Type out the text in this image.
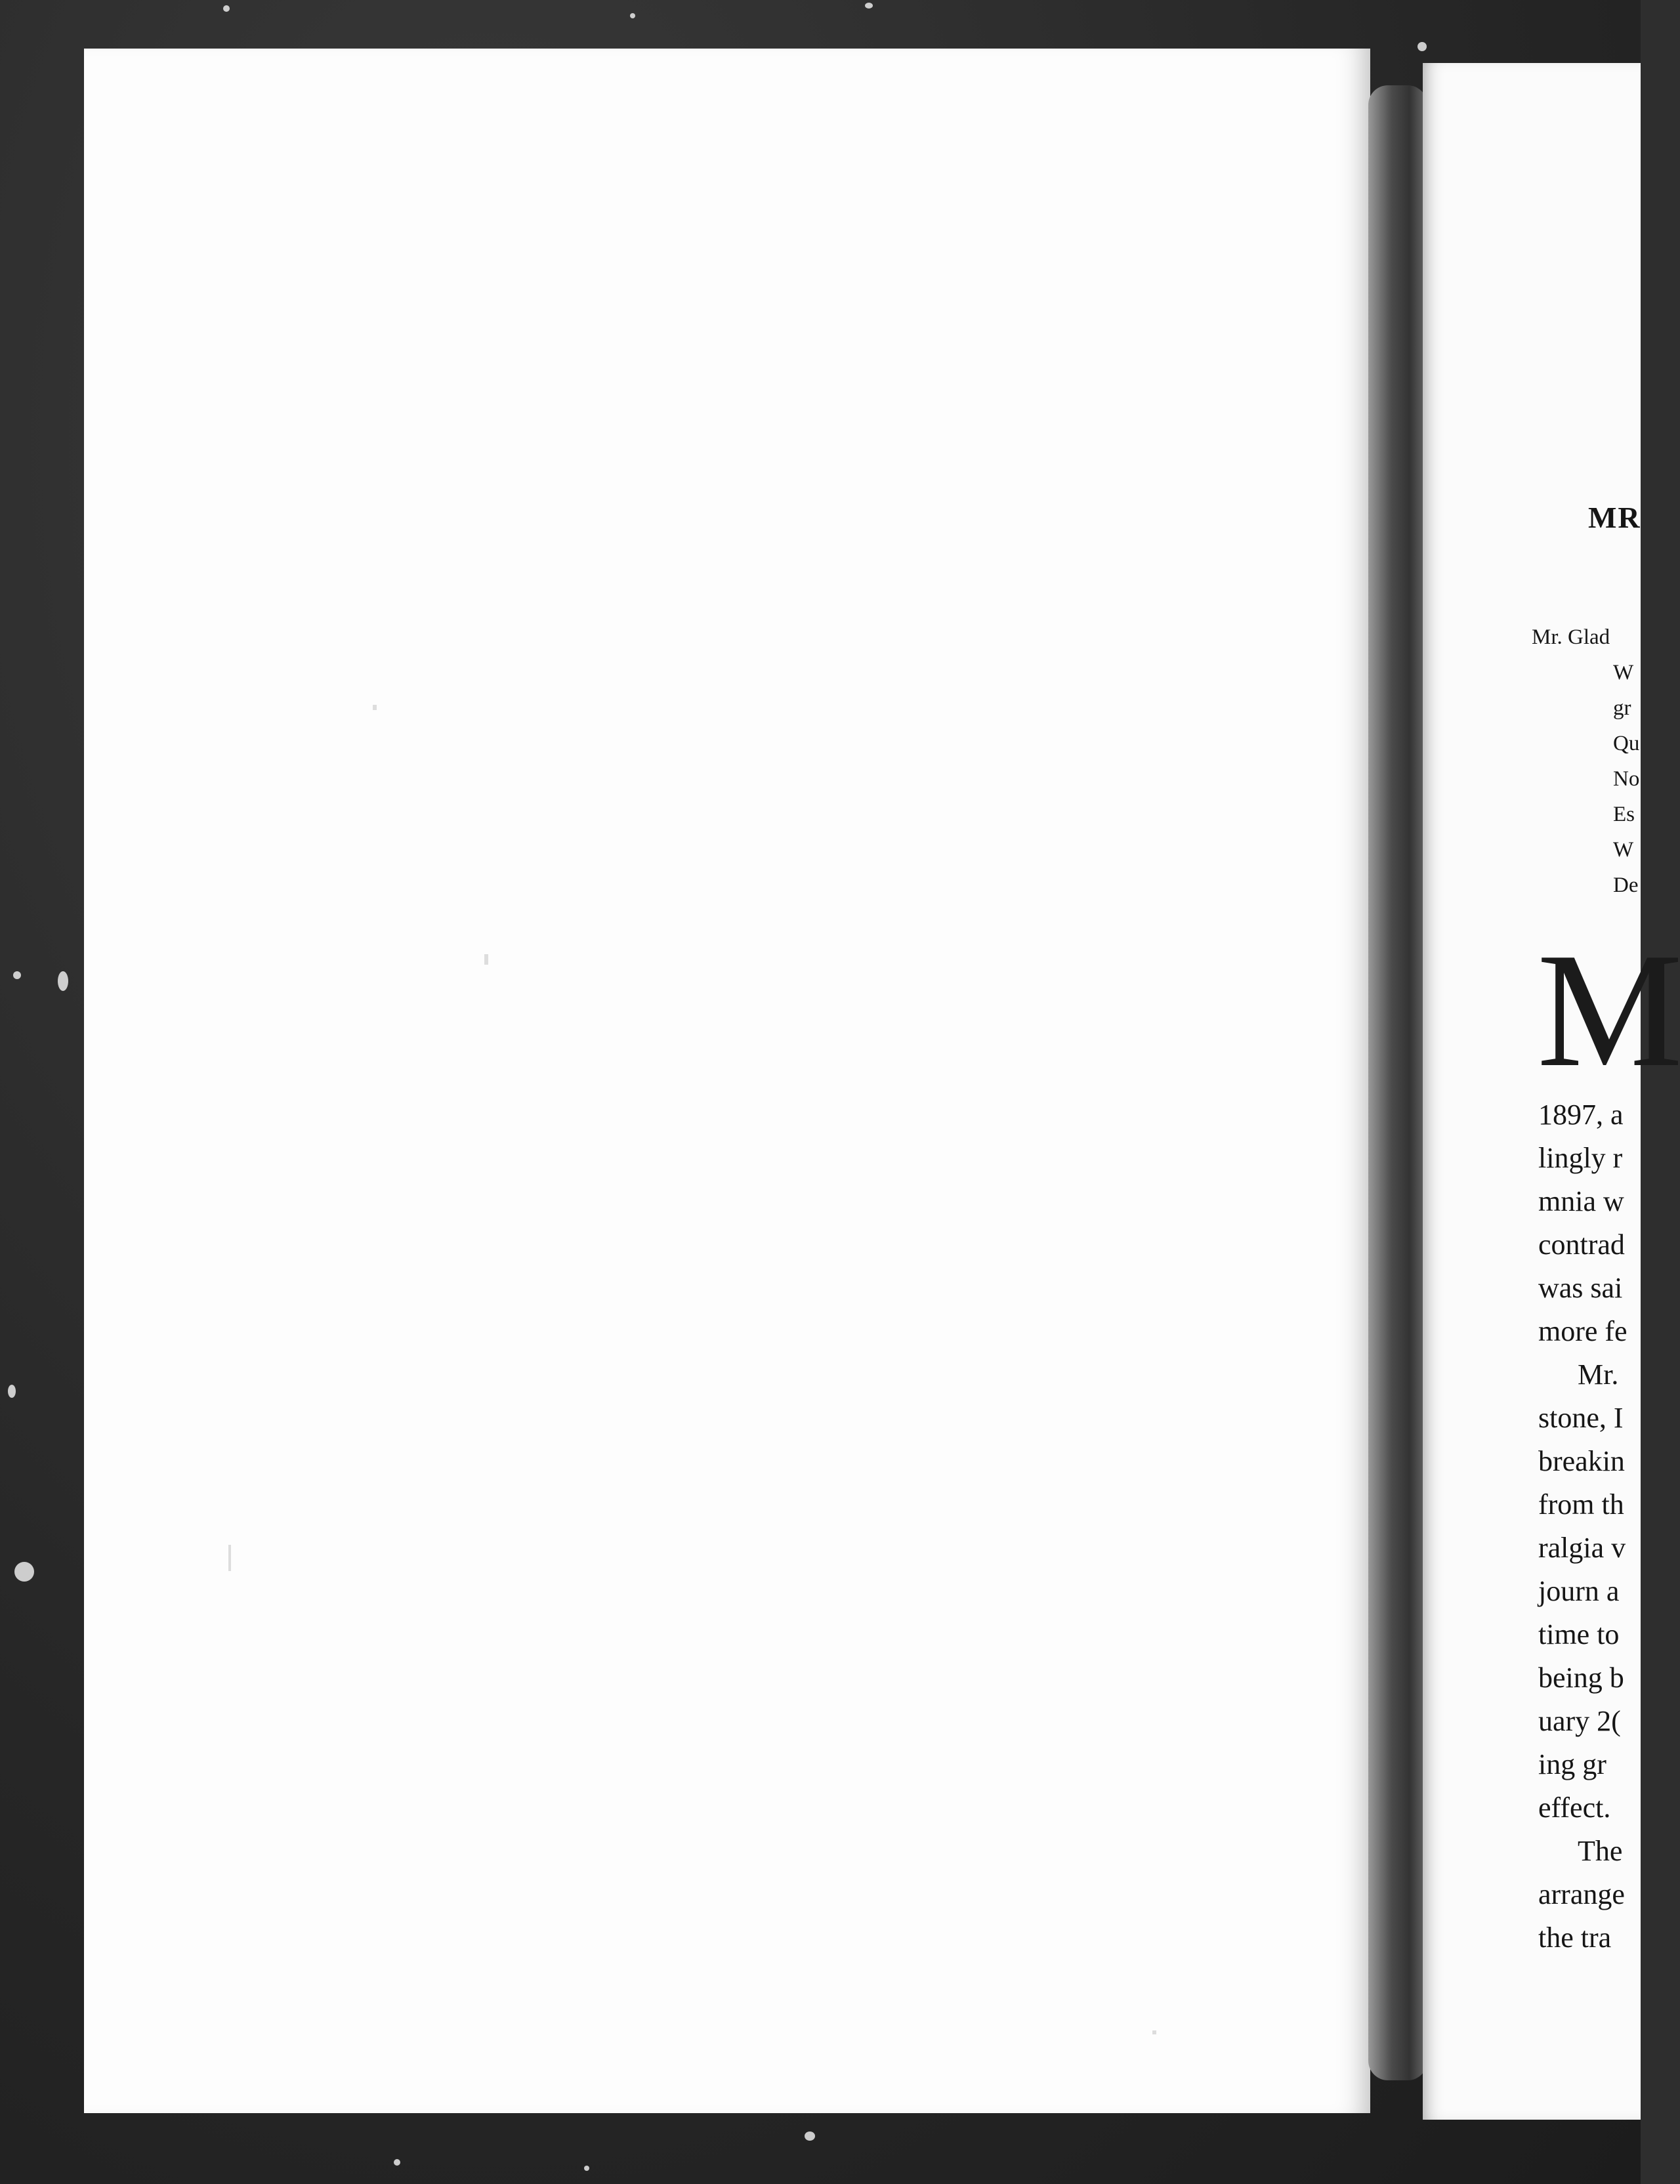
MR

Mr. Glad

W

gr

Qu

No

Es

W

De

M

1897, a

lingly r

mnia w

contrad

was sai

more fe

Mr.

stone, I

breakin

from th

ralgia v

journ a

time to

being b

uary 2(

ing gr

effect.

The

arrange

the tra
